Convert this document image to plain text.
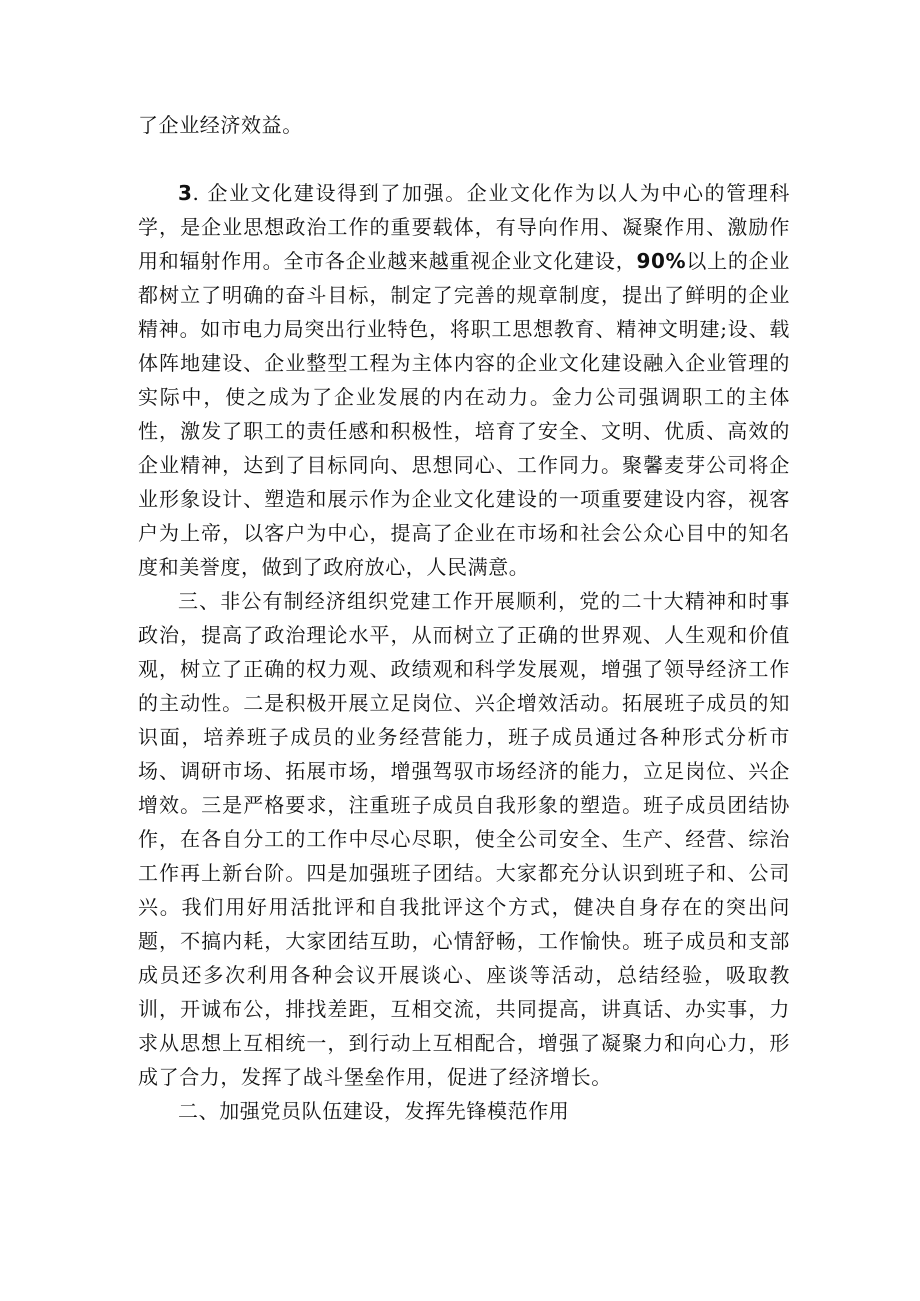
了企业经济效益。

3. 企业文化建设得到了加强。企业文化作为以人为中心的管理科学，是企业思想政治工作的重要载体，有导向作用、凝聚作用、激励作用和辐射作用。全市各企业越来越重视企业文化建设，90%以上的企业都树立了明确的奋斗目标，制定了完善的规章制度，提出了鲜明的企业精神。如市电力局突出行业特色，将职工思想教育、精神文明建;设、载体阵地建设、企业整型工程为主体内容的企业文化建设融入企业管理的实际中，使之成为了企业发展的内在动力。金力公司强调职工的主体性，激发了职工的责任感和积极性，培育了安全、文明、优质、高效的企业精神，达到了目标同向、思想同心、工作同力。聚馨麦芽公司将企业形象设计、塑造和展示作为企业文化建设的一项重要建设内容，视客户为上帝，以客户为中心，提高了企业在市场和社会公众心目中的知名度和美誉度，做到了政府放心，人民满意。

三、非公有制经济组织党建工作开展顺利，党的二十大精神和时事政治，提高了政治理论水平，从而树立了正确的世界观、人生观和价值观，树立了正确的权力观、政绩观和科学发展观，增强了领导经济工作的主动性。二是积极开展立足岗位、兴企增效活动。拓展班子成员的知识面，培养班子成员的业务经营能力，班子成员通过各种形式分析市场、调研市场、拓展市场，增强驾驭市场经济的能力，立足岗位、兴企增效。三是严格要求，注重班子成员自我形象的塑造。班子成员团结协作，在各自分工的工作中尽心尽职，使全公司安全、生产、经营、综治工作再上新台阶。四是加强班子团结。大家都充分认识到班子和、公司兴。我们用好用活批评和自我批评这个方式，健决自身存在的突出问题，不搞内耗，大家团结互助，心情舒畅，工作愉快。班子成员和支部成员还多次利用各种会议开展谈心、座谈等活动，总结经验，吸取教训，开诚布公，排找差距，互相交流，共同提高，讲真话、办实事，力求从思想上互相统一，到行动上互相配合，增强了凝聚力和向心力，形成了合力，发挥了战斗堡垒作用，促进了经济增长。

二、加强党员队伍建设，发挥先锋模范作用
